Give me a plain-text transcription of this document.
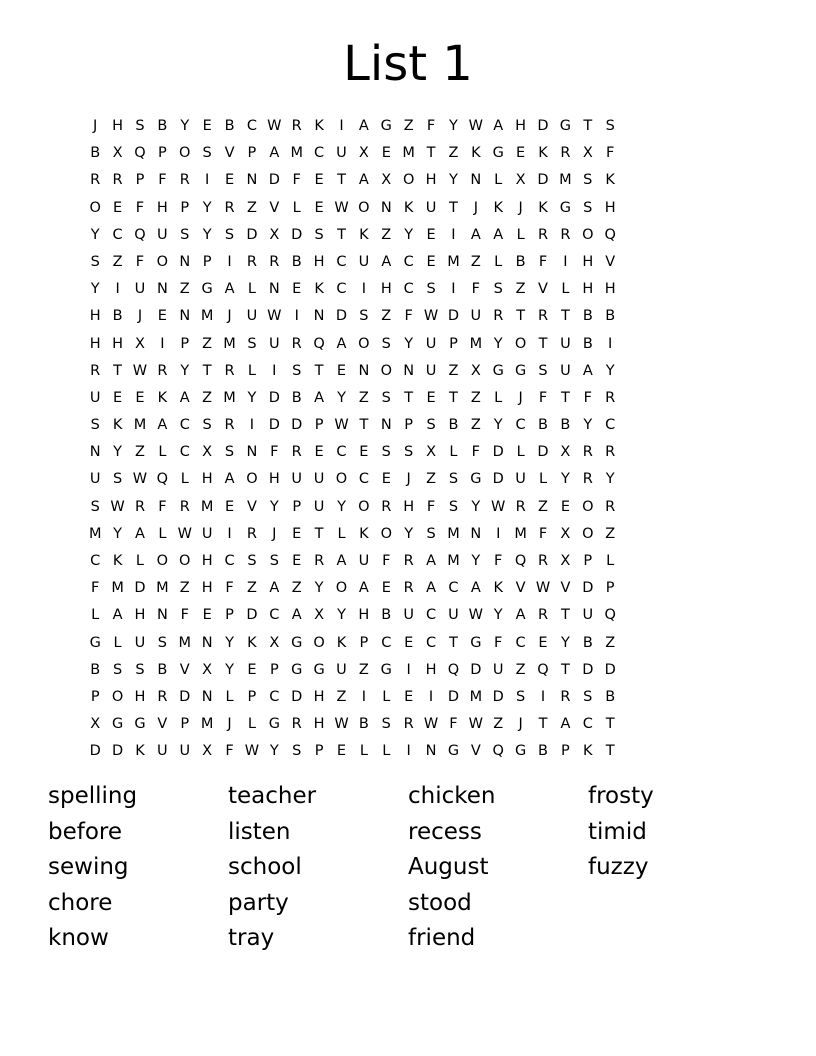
List 1
J	H S B Y E B C W R K	I	A G Z F Y W A H D G T S
B X Q P O S V P A M C U X E M T Z K G E K R X F
R R P F R	I	E N D F E T A X O H Y N L X D M S K
O E F H P Y R Z V L E W O N K U T	J	K	J	K G S H
Y C Q U S Y S D X D S T K Z Y E	I	A A L R R O Q
S Z F O N P	I	R R B H C U A C E M Z L B F	I	H V
Y	I	U N Z G A L N E K C	I	H C S	I	F S Z V L H H
H B	J	E N M J	U W I	N D S Z F W D U R T R T B B
H H X	I	P Z M S U R Q A O S Y U P M Y O T U B	I
R T W R Y T R L	I	S T E N O N U Z X G G S U A Y
U E E K A Z M Y D B A Y Z S T E T Z L	J	F T F R
S K M A C S R	I	D D P W T N P S B Z Y C B B Y C
N Y Z L C X S N F R E C E S S X L F D L D X R R
U S W Q L H A O H U U O C E	J	Z S G D U L Y R Y
S W R F R M E V Y P U Y O R H F S Y W R Z E O R
M Y A L W U	I	R	J	E T L K O Y S M N	I M F X O Z
C K L O O H C S S E R A U F R A M Y F Q R X P L
F M D M Z H F Z A Z Y O A E R A C A K V W V D P
L A H N F E P D C A X Y H B U C U W Y A R T U Q
G L U S M N Y K X G O K P C E C T G F C E Y B Z
B S S B V X Y E P G G U Z G	I	H Q D U Z Q T D D
P O H R D N L P C D H Z	I	L E	I	D M D S	I	R S B
X G G V P M J	L G R H W B S R W F W Z	J	T A C T
D D K U U X F W Y S P E L L	I	N G V Q G B P K T
spelling
before
sewing
chore
know
teacher
listen
school
party
tray
chicken
recess
August
stood
friend
frosty
timid
fuzzy
